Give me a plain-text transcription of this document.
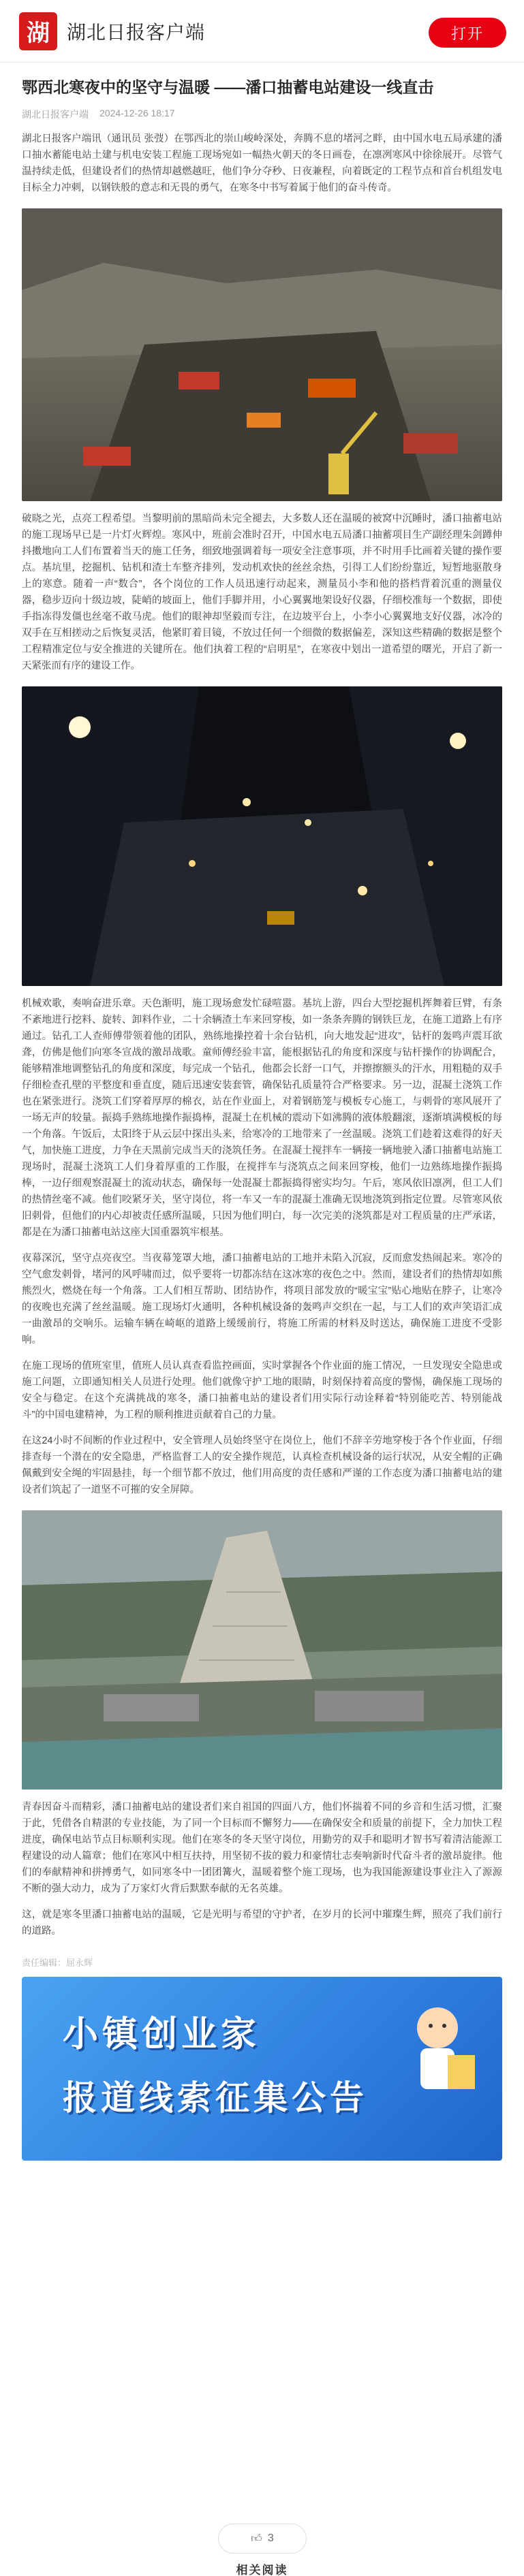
湖 湖北日报客户端	打开
鄂西北寒夜中的坚守与温暖 ——潘口抽蓄电站建设一线直击
湖北日报客户端 2024-12-26 18:17

湖北日报客户端讯（通讯员 张弢）在鄂西北的崇山峻岭深处，奔腾不息的堵河之畔，由中国水电五局承建的潘口抽水蓄能电站土建与机电安装工程施工现场宛如一幅热火朝天的冬日画卷，在凛冽寒风中徐徐展开。尽管气温持续走低，但建设者们的热情却越燃越旺，他们争分夺秒、日夜兼程，向着既定的工程节点和首台机组发电目标全力冲刺，以钢铁般的意志和无畏的勇气，在寒冬中书写着属于他们的奋斗传奇。

破晓之光，点亮工程希望。当黎明前的黑暗尚未完全褪去，大多数人还在温暖的被窝中沉睡时，潘口抽蓄电站的施工现场早已是一片灯火辉煌。寒风中，班前会准时召开，中国水电五局潘口抽蓄项目生产副经理朱剑蹲伸抖擞地向工人们布置着当天的施工任务，细致地强调着每一项安全注意事项，并不时用手比画着关键的操作要点。基坑里，挖掘机、钻机和渣土车整齐排列，发动机欢快的丝丝余热，引得工人们纷纷靠近，短暂地驱散身上的寒意。随着一声“数合”，各个岗位的工作人员迅速行动起来，测量员小李和他的搭档背着沉重的测量仪器，稳步迈向十级边坡，陡峭的坡面上，他们手脚并用，小心翼翼地架设好仪器，仔细校准每一个数据，即使手指冻得发僵也丝毫不敢马虎。他们的眼神却坚毅而专注，在边坡平台上，小李小心翼翼地支好仪器，冰冷的双手在互相搓动之后恢复灵活，他紧盯着目镜，不放过任何一个细微的数据偏差，深知这些精确的数据是整个工程精准定位与安全推进的关键所在。他们执着工程的“启明星”，在寒夜中划出一道希望的曙光，开启了新一天紧张而有序的建设工作。

机械欢歌，奏响奋进乐章。天色渐明，施工现场愈发忙碌喧嚣。基坑上游，四台大型挖掘机挥舞着巨臂，有条不紊地进行挖料、旋转、卸料作业，二十余辆渣土车来回穿梭，如一条条奔腾的钢铁巨龙，在施工道路上有序通过。钻孔工人查师傅带领着他的团队，熟练地操控着十余台钻机，向大地发起“进攻”，钻杆的轰鸣声震耳欲聋，仿佛是他们向寒冬宣战的激昂战歌。童师傅经验丰富，能根据钻孔的角度和深度与钻杆操作的协调配合，能够精准地调整钻孔的角度和深度，每完成一个钻孔，他都会长舒一口气，并擦擦额头的汗水，用粗糙的双手仔细检查孔壁的平整度和垂直度，随后迅速安装套管，确保钻孔质量符合严格要求。另一边，混凝土浇筑工作也在紧张进行。浇筑工们穿着厚厚的棉衣，站在作业面上，对着钢筋笼与模板专心施工，与刺骨的寒风展开了一场无声的较量。振捣手熟练地操作振捣棒，混凝土在机械的震动下如沸腾的液体般翻滚，逐渐填满模板的每一个角落。午饭后，太阳终于从云层中探出头来，给寒冷的工地带来了一丝温暖。浇筑工们趁着这难得的好天气，加快施工进度，力争在天黑前完成当天的浇筑任务。在混凝土搅拌车一辆接一辆地驶入潘口抽蓄电站施工现场时，混凝土浇筑工人们身着厚重的工作服，在搅拌车与浇筑点之间来回穿梭，他们一边熟练地操作振捣棒，一边仔细观察混凝土的流动状态，确保每一处混凝土都振捣得密实均匀。午后，寒风依旧凛冽，但工人们的热情丝毫不减。他们咬紧牙关，坚守岗位，将一车又一车的混凝土准确无误地浇筑到指定位置。尽管寒风依旧刺骨，但他们的内心却被责任感所温暖，只因为他们明白，每一次完美的浇筑都是对工程质量的庄严承诺，都是在为潘口抽蓄电站这座大国重器筑牢根基。

夜幕深沉，坚守点亮夜空。当夜幕笼罩大地，潘口抽蓄电站的工地并未陷入沉寂，反而愈发热闹起来。寒冷的空气愈发刺骨，堵河的风呼啸而过，似乎要将一切都冻结在这冰寒的夜色之中。然而，建设者们的热情却如熊熊烈火，燃烧在每一个角落。工人们相互帮助、团结协作，将项目部发放的“暖宝宝”贴心地贴在脖子，让寒冷的夜晚也充满了丝丝温暖。施工现场灯火通明，各种机械设备的轰鸣声交织在一起，与工人们的欢声笑语汇成一曲激昂的交响乐。运输车辆在崎岖的道路上缓缓前行，将施工所需的材料及时送达，确保施工进度不受影响。

在施工现场的值班室里，值班人员认真查看监控画面，实时掌握各个作业面的施工情况，一旦发现安全隐患或施工问题，立即通知相关人员进行处理。他们就像守护工地的眼睛，时刻保持着高度的警惕，确保施工现场的安全与稳定。在这个充满挑战的寒冬，潘口抽蓄电站的建设者们用实际行动诠释着“特别能吃苦、特别能战斗”的中国电建精神，为工程的顺利推进贡献着自己的力量。

在这24小时不间断的作业过程中，安全管理人员始终坚守在岗位上，他们不辞辛劳地穿梭于各个作业面，仔细排查每一个潜在的安全隐患，严格监督工人的安全操作规范，认真检查机械设备的运行状况，从安全帽的正确佩戴到安全绳的牢固悬挂，每一个细节都不放过，他们用高度的责任感和严谨的工作态度为潘口抽蓄电站的建设者们筑起了一道坚不可摧的安全屏障。

青春因奋斗而精彩，潘口抽蓄电站的建设者们来自祖国的四面八方，他们怀揣着不同的乡音和生活习惯，汇聚于此，凭借各自精湛的专业技能，为了同一个目标而不懈努力——在确保安全和质量的前提下，全力加快工程进度，确保电站节点目标顺利实现。他们在寒冬的冬天坚守岗位，用勤劳的双手和聪明才智书写着清洁能源工程建设的动人篇章；他们在寒风中相互扶持，用坚韧不拔的毅力和豪情壮志奏响新时代奋斗者的激昂旋律。他们的奉献精神和拼搏勇气，如同寒冬中一团团篝火，温暖着整个施工现场，也为我国能源建设事业注入了源源不断的强大动力，成为了万家灯火背后默默奉献的无名英雄。

这，就是寒冬里潘口抽蓄电站的温暖，它是光明与希望的守护者，在岁月的长河中璀璨生辉，照亮了我们前行的道路。

责任编辑：屈永辉
小镇创业家
报道线索征集公告
👍︎ 3
相关阅读
